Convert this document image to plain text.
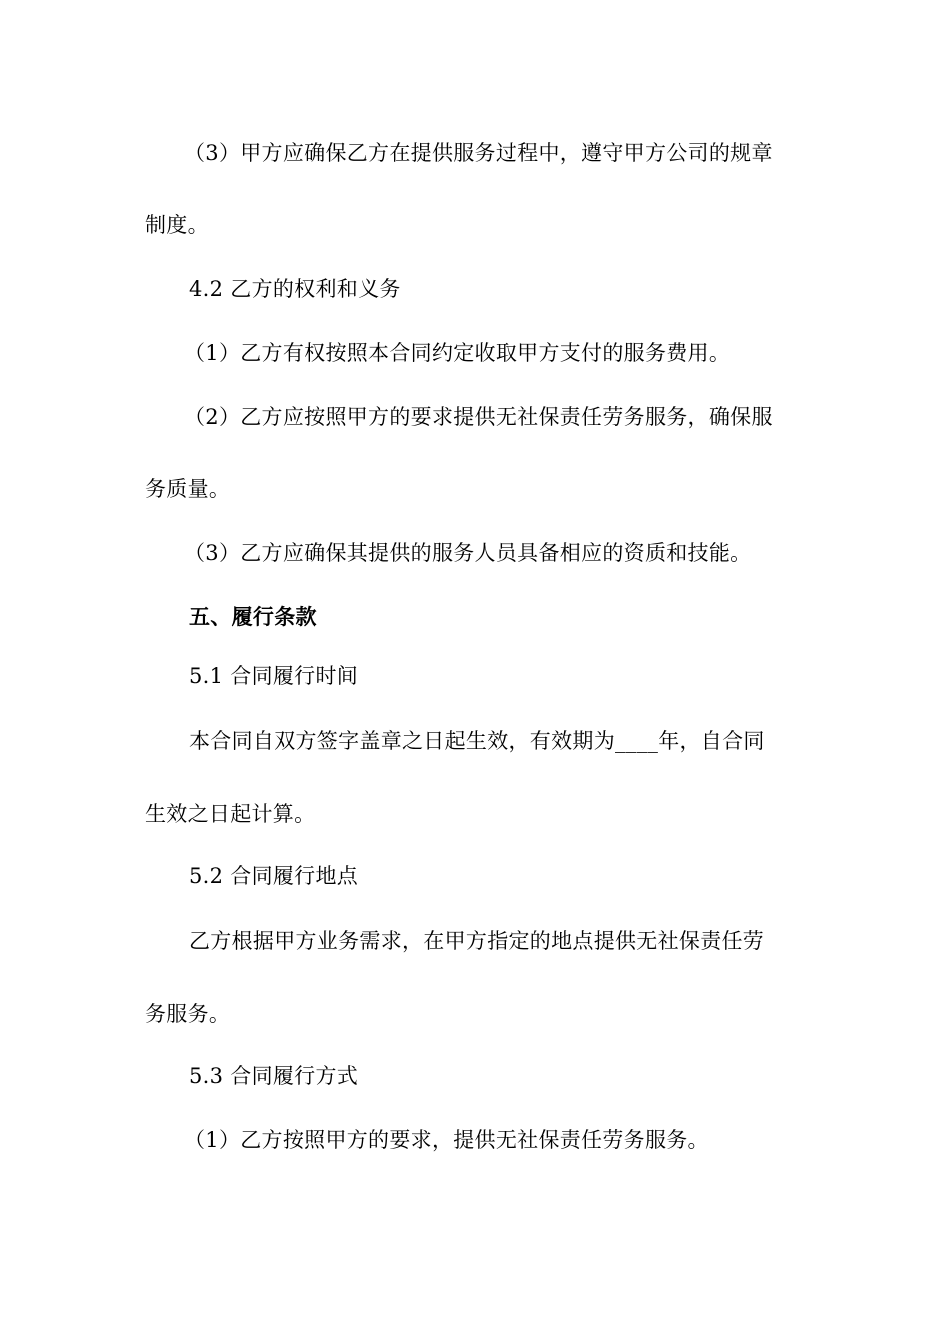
（3）甲方应确保乙方在提供服务过程中，遵守甲方公司的规章
制度。
4.2 乙方的权利和义务
（1）乙方有权按照本合同约定收取甲方支付的服务费用。
（2）乙方应按照甲方的要求提供无社保责任劳务服务，确保服
务质量。
（3）乙方应确保其提供的服务人员具备相应的资质和技能。
五、履行条款
5.1 合同履行时间
本合同自双方签字盖章之日起生效，有效期为____年，自合同
生效之日起计算。
5.2 合同履行地点
乙方根据甲方业务需求，在甲方指定的地点提供无社保责任劳
务服务。
5.3 合同履行方式
（1）乙方按照甲方的要求，提供无社保责任劳务服务。
